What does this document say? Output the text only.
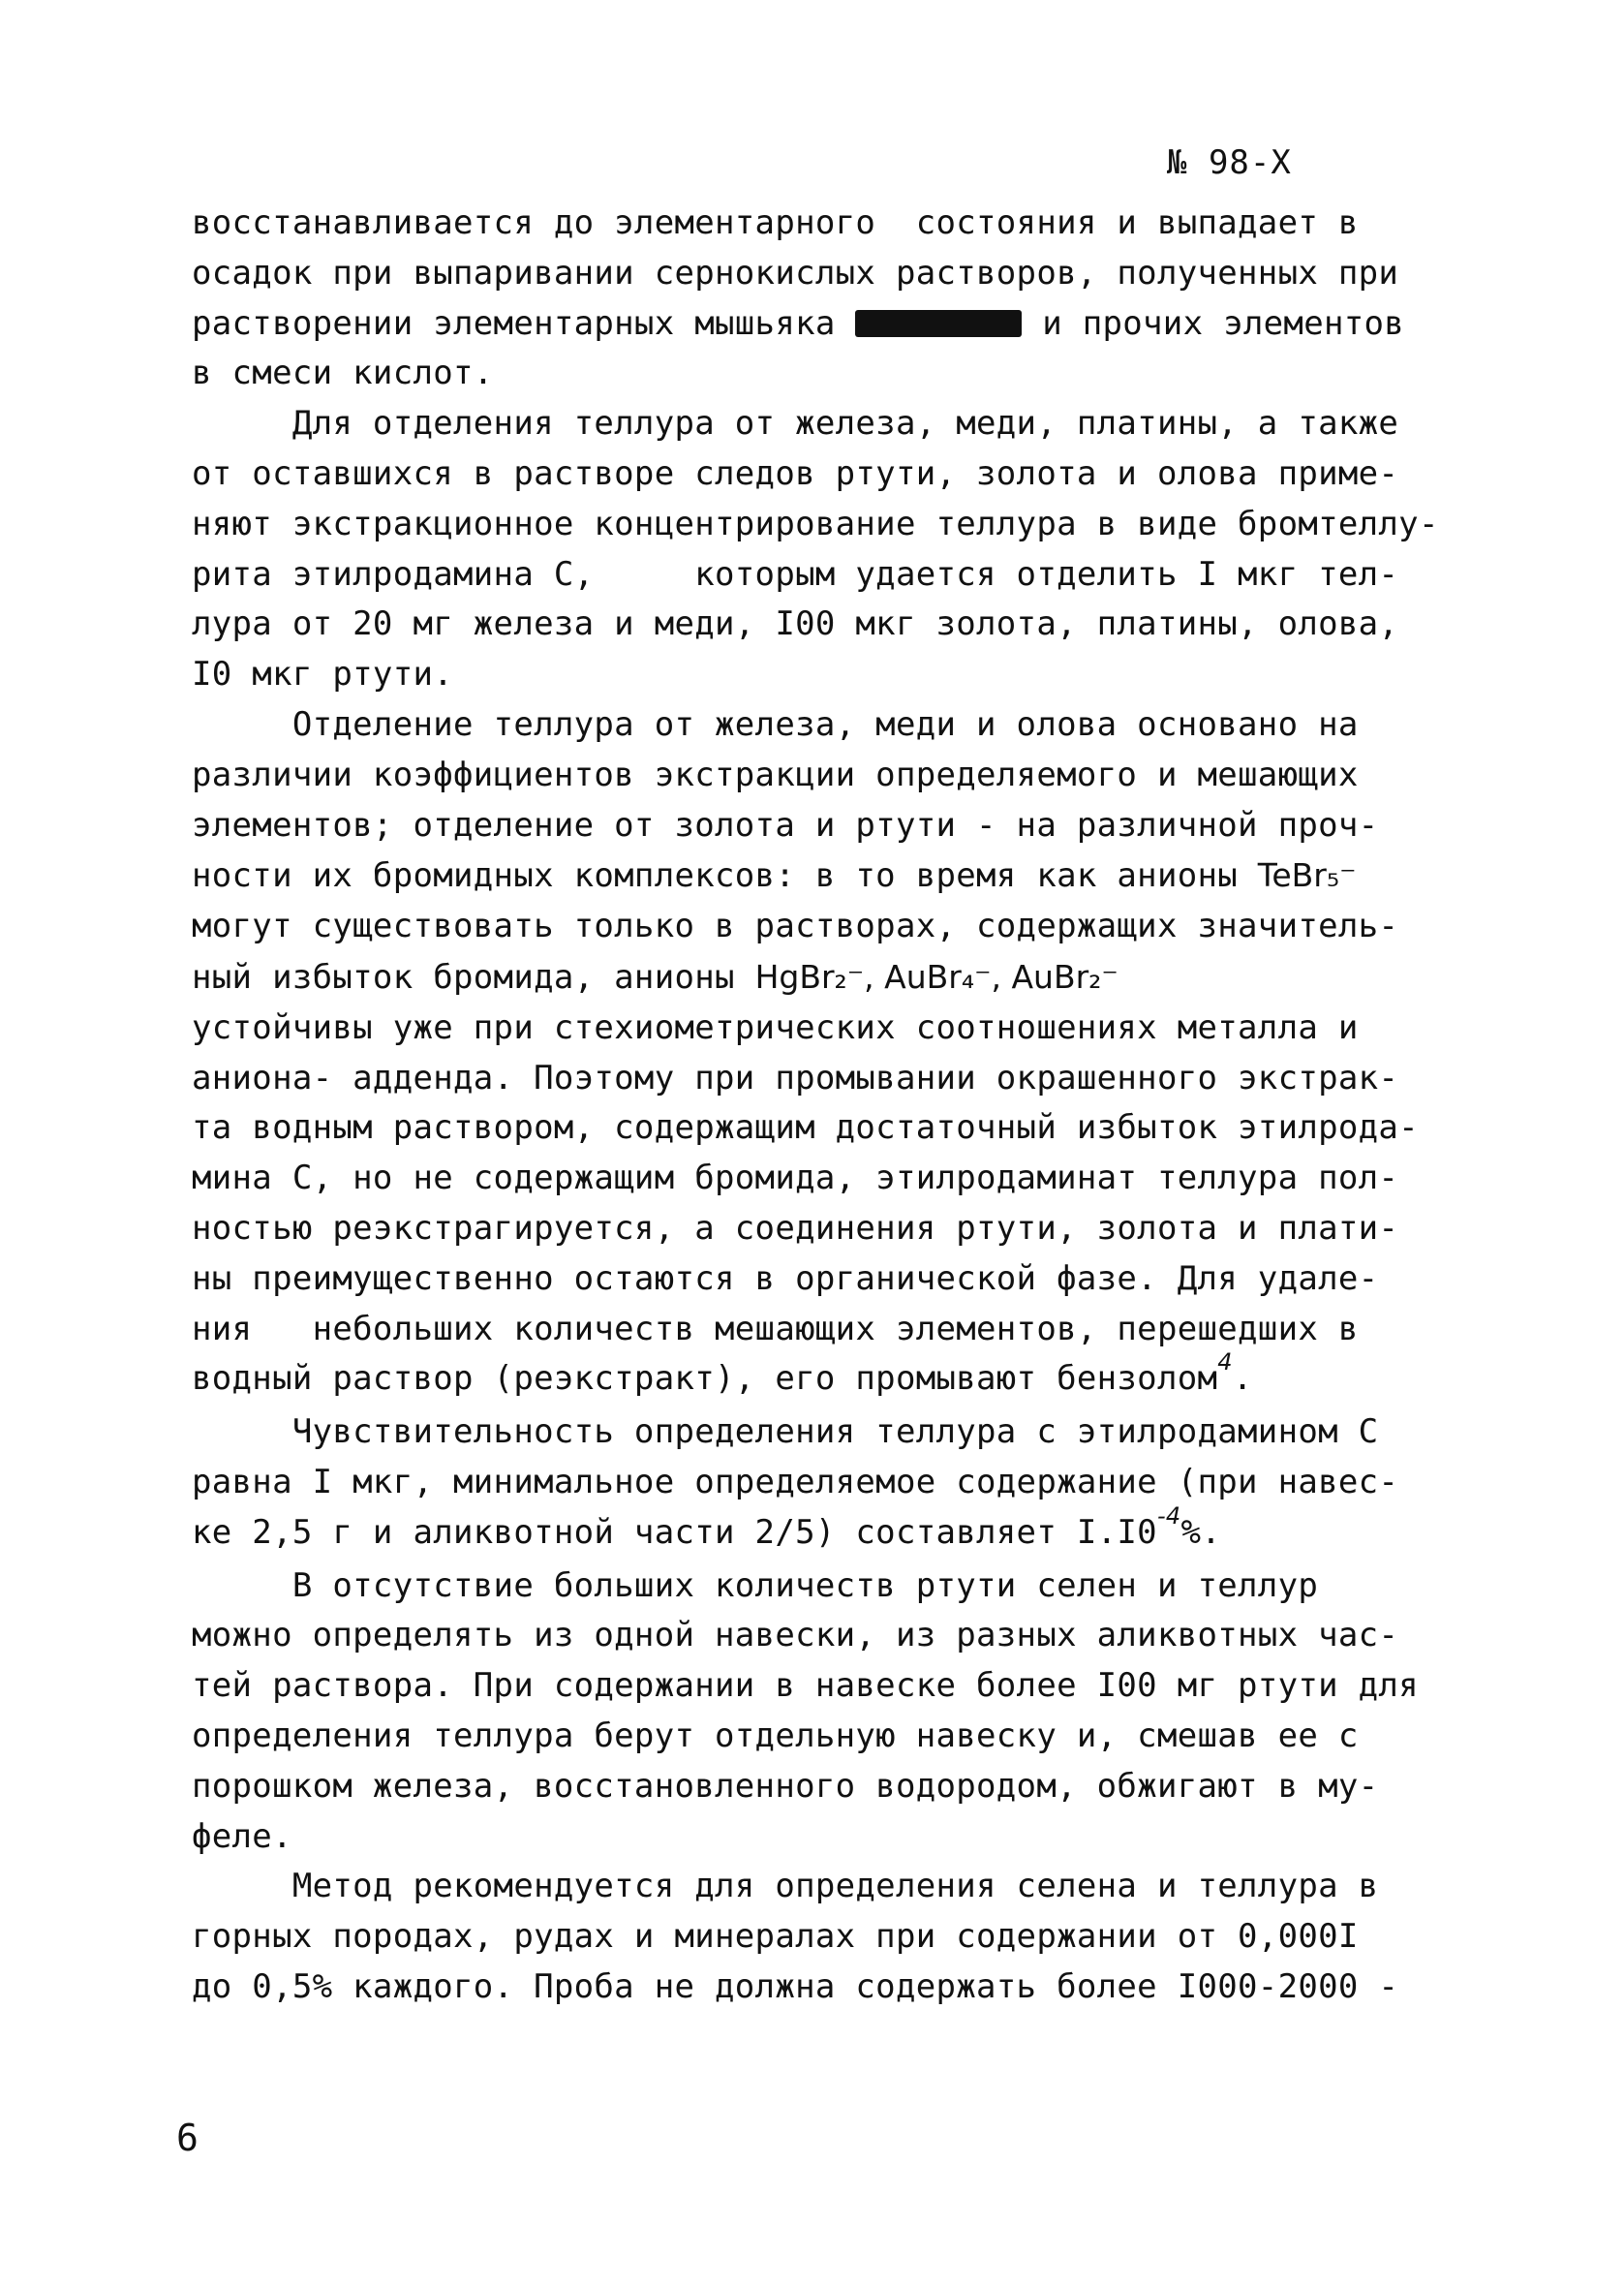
№ 98-Х

восстанавливается до элементарного  состояния и выпадает в

осадок при выпаривании сернокислых растворов, полученных при

растворении элементарных мышьяка	и прочих элементов

в смеси кислот.

Для отделения теллура от железа, меди, платины, а также

от оставшихся в растворе следов ртути, золота и олова приме-

няют экстракционное концентрирование теллура в виде бромтеллу-

рита этилродамина С,     которым удается отделить I мкг тел-

лура от 20 мг железа и меди, I00 мкг золота, платины, олова,

I0 мкг ртути.

Отделение теллура от железа, меди и олова основано на

различии коэффициентов экстракции определяемого и мешающих

элементов; отделение от золота и ртути - на различной проч-

ности их бромидных комплексов: в то время как анионы TeBr₅⁻

могут существовать только в растворах, содержащих значитель-

ный избыток бромида, анионы HgBr₂⁻, AuBr₄⁻, AuBr₂⁻

устойчивы уже при стехиометрических соотношениях металла и

аниона- аддендa. Поэтому при промывании окрашенного экстрак-

та водным раствором, содержащим достаточный избыток этилрода-

мина С, но не содержащим бромида, этилродаминат теллура пол-

ностью реэкстрагируется, а соединения ртути, золота и плати-

ны преимущественно остаются в органической фазе. Для удале-

ния   небольших количеств мешающих элементов, перешедших в

водный раствор (реэкстракт), его промывают бензолом$^4$.

Чувствительность определения теллура с этилродамином С

равна I мкг, минимальное определяемое содержание (при навес-

ке 2,5 г и аликвотной части 2/5) составляет $I.I0^{-4}\%$.

В отсутствие больших количеств ртути селен и теллур

можно определять из одной навески, из разных аликвотных час-

тей раствора. При содержании в навеске более I00 мг ртути для

определения теллура берут отдельную навеску и, смешав ее с

порошком железа, восстановленного водородом, обжигают в му-

феле.

Метод рекомендуется для определения селена и теллура в

горных породах, рудах и минералах при содержании от 0,000I

до 0,5% каждого. Проба не должна содержать более I000-2000 -

6
